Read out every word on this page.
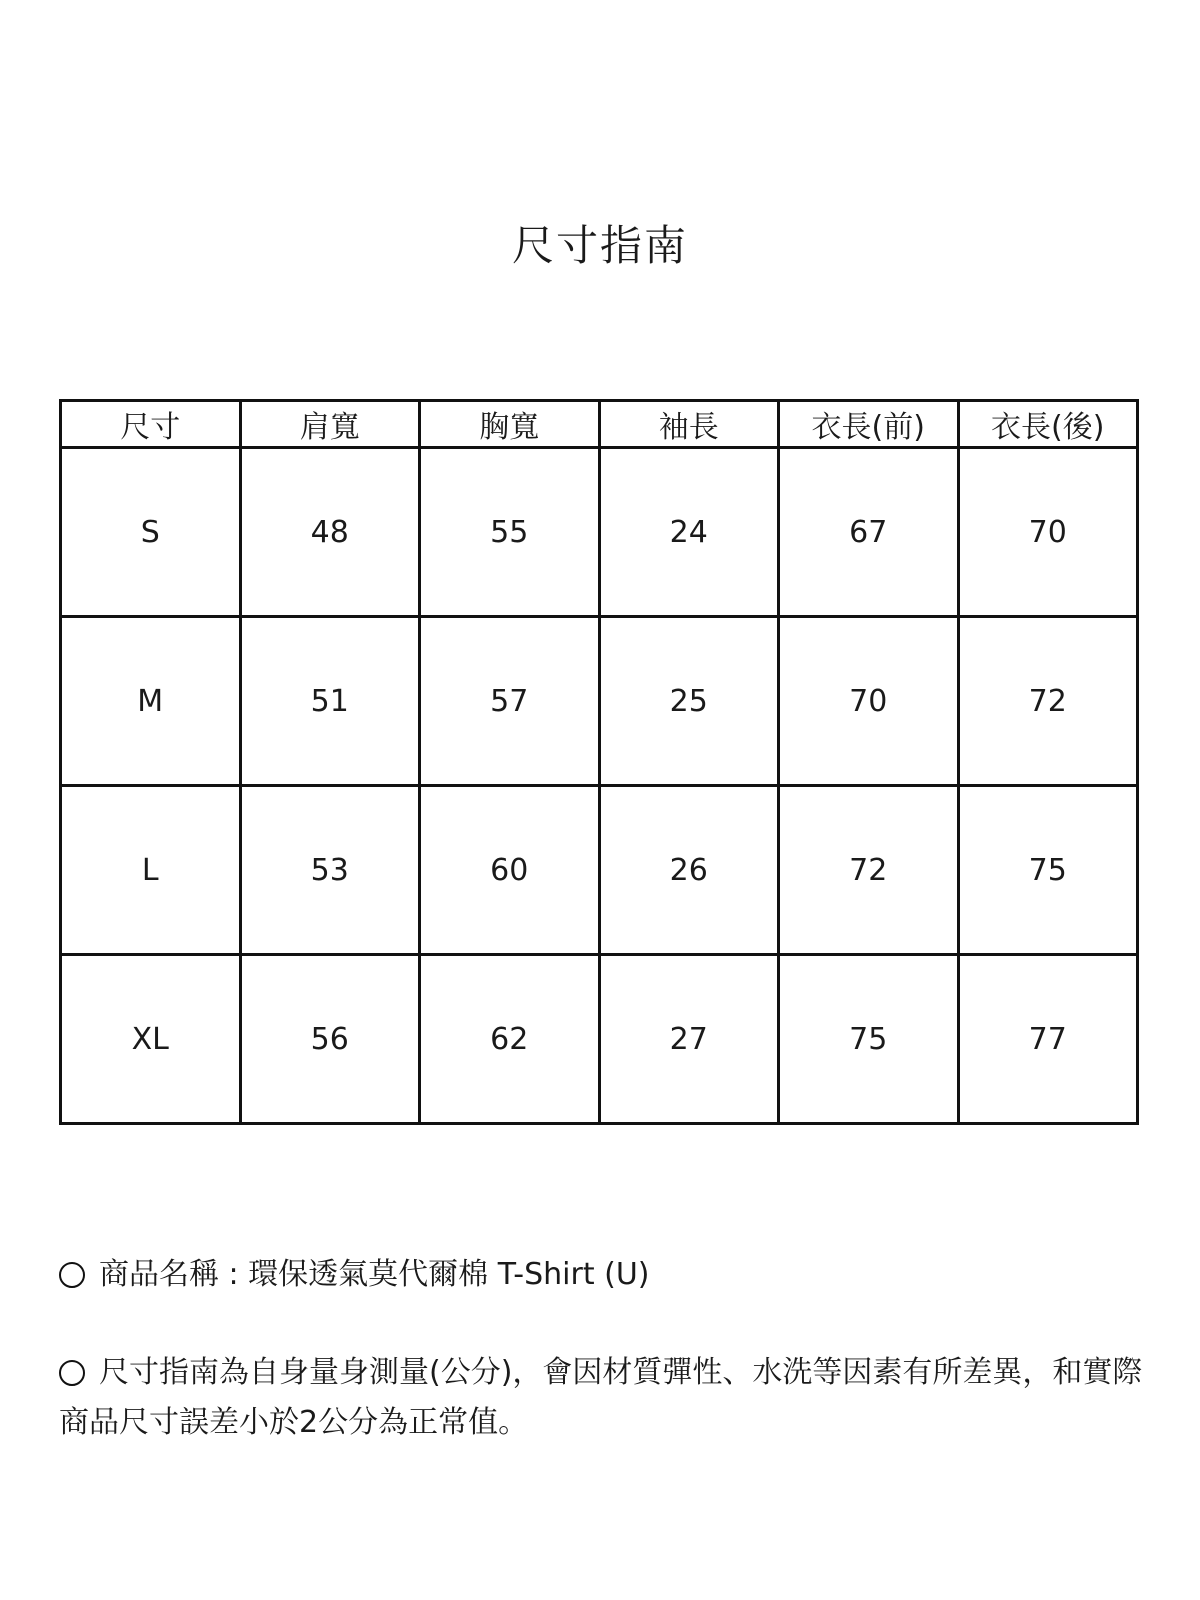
尺寸指南
尺寸	肩寬	胸寬	袖長	衣長(前)	衣長(後)
S	48	55	24	67	70
M	51	57	25	70	72
L	53	60	26	72	75
XL	56	62	27	75	77

商品名稱 : 環保透氣莫代爾棉 T-Shirt (U)

尺寸指南為自身量身測量(公分)，會因材質彈性、水洗等因素有所差異，和實際商品尺寸誤差小於2公分為正常值。
